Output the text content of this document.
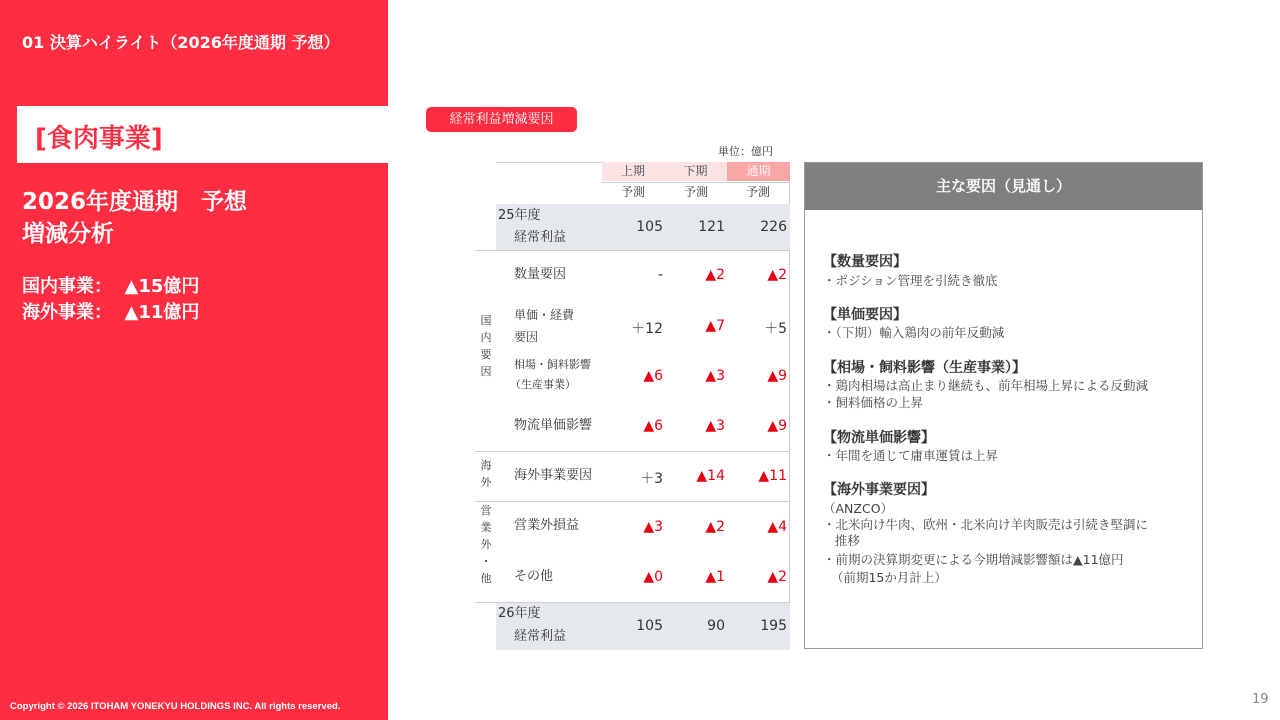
01 決算ハイライト（2026年度通期 予想）
[食肉事業]
2026年度通期　予想
増減分析
国内事業：  ▲15億円
海外事業：  ▲11億円
Copyright © 2026 ITOHAM YONEKYU HOLDINGS INC. All rights reserved.
経常利益増減要因
単位：億円
上期	下期	通期
予測	予測	予測
25年度
経常利益
105	121	226
国
内
要
因
数量要因	-	▲2	▲2
単価・経費
要因	＋12	▲7	＋5
相場・飼料影響
（生産事業）
▲6	▲3	▲9
物流単価影響	▲6	▲3	▲9
海
外 海外事業要因	＋3	▲14	▲11
営
業
外
・
他
営業外損益	▲3	▲2	▲4
その他	▲0	▲1	▲2
26年度
経常利益
105	90	195
主な要因（見通し）
【数量要因】
・ポジション管理を引続き徹底
【単価要因】
・（下期）輸入鶏肉の前年反動減
【相場・飼料影響（生産事業）】
・鶏肉相場は高止まり継続も、前年相場上昇による反動減
・飼料価格の上昇
【物流単価影響】
・年間を通じて庸車運賃は上昇
【海外事業要因】
（ANZCO）
・北米向け牛肉、欧州・北米向け羊肉販売は引続き堅調に
推移
・前期の決算期変更による今期増減影響額は▲11億円
（前期15か月計上）
19
